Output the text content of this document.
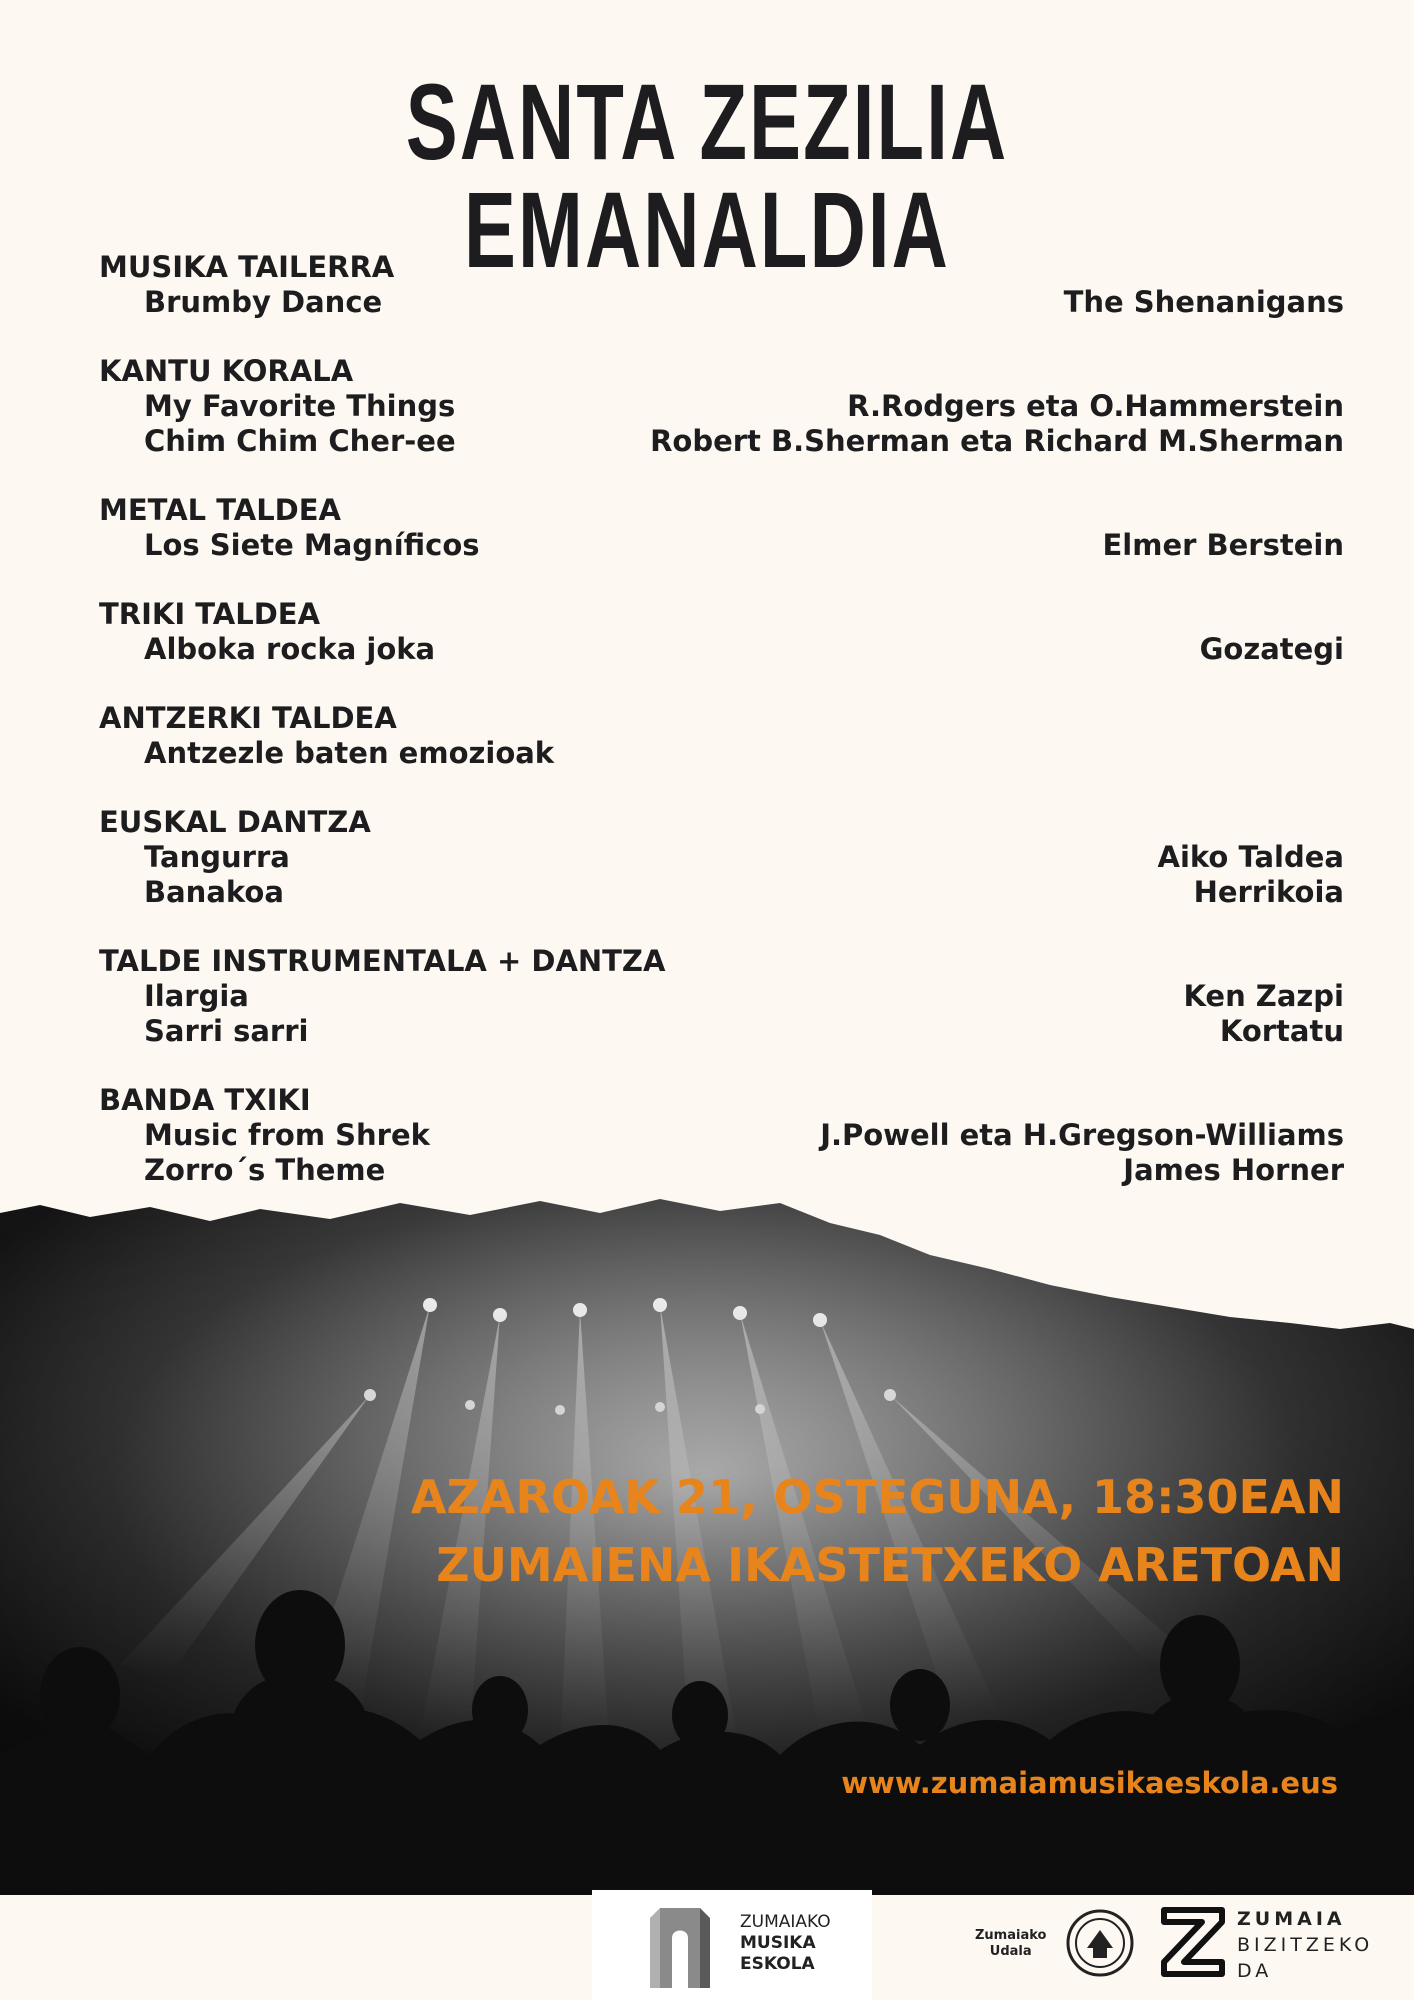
SANTA ZEZILIA EMANALDIA
MUSIKA TAILERRA
Brumby Dance	The Shenanigans
KANTU KORALA
My Favorite Things	R.Rodgers eta O.Hammerstein
Chim Chim Cher-ee	Robert B.Sherman eta Richard M.Sherman
METAL TALDEA
Los Siete Magníficos	Elmer Berstein
TRIKI TALDEA
Alboka rocka joka	Gozategi
ANTZERKI TALDEA
Antzezle baten emozioak
EUSKAL DANTZA
Tangurra	Aiko Taldea
Banakoa	Herrikoia
TALDE INSTRUMENTALA + DANTZA
Ilargia	Ken Zazpi
Sarri sarri	Kortatu
BANDA TXIKI
Music from Shrek	J.Powell eta H.Gregson-Williams
Zorro´s Theme	James Horner
AZAROAK 21, OSTEGUNA, 18:30EAN
ZUMAIENA IKASTETXEKO ARETOAN
www.zumaiamusikaeskola.eus
ZUMAIAKO
MUSIKA
ESKOLA
Zumaiako
Udala
ZUMAIA
BIZITZEKO
DA
